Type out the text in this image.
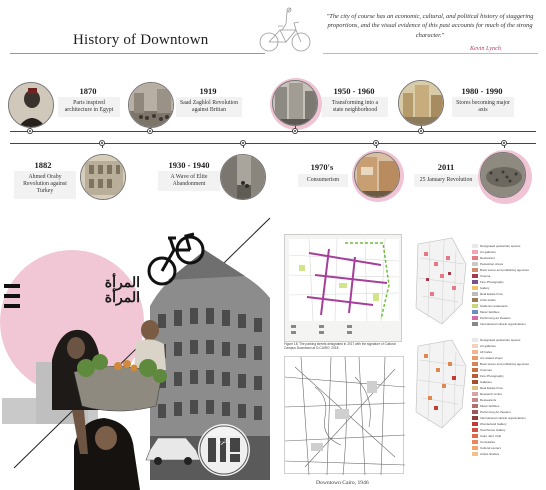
History of Downtown
"The city of course has an economic, cultural, and political history of staggering proportions, and the visual evidence of this past accounts for much of the strong character."
Kevin Lynch
1870
Paris inspired architecture in Egypt
1919
Saad Zaghlol Revolution against Britian
1950 - 1960
Transforming into a state neighborhood
1980 - 1990
Stores becoming major axis
1882
Ahmed Oraby Revolution against Turkey
1930 - 1940
A Wave of Elite Abandonment
1970's
Consumerism
2011
25 January Revolution
المرأة المرأة
دائرة
Figure 18: The parking streets designated in 2017 with the signature of Cultural Campus Downtown at D-CAIRO, 2018
Downtown Cairo, 1946
Designated pedestrian spaces
Art galleries
Restaurant
Pedestrian shops
Book stores and publishing agencies
Cinema
Fine Photography
Gallery
Real Estate firms
Artist studio
Students restaurants
Music facilities
Performing art theaters
International cultural organizations
Designated pedestrian spaces
Art galleries
All Cafes
Art related shops
Book stores and publishing agencies
Cinemas
Fine Photography
Galleries
Real Estate firms
Research centre
Restaurants
Music facilities
Performing Art theaters
International cultural organizations
Wonderland Gallery
Townhouse Gallery
Cairo Jazz Club
Consulates
Cultural centers
Artists Studios
